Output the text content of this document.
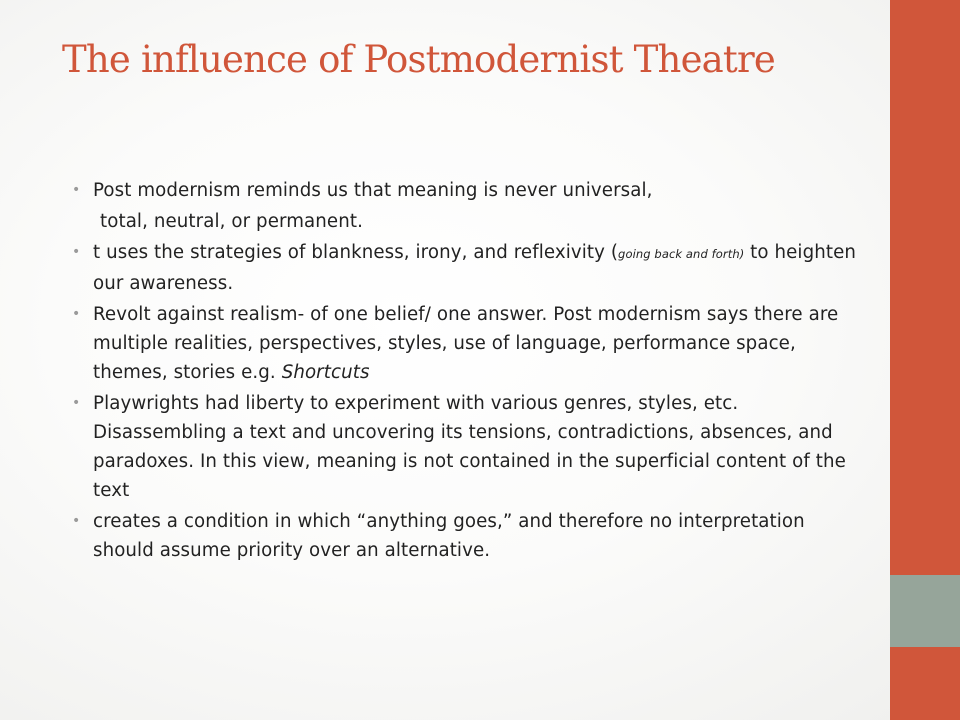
The influence of Postmodernist Theatre
• Post modernism reminds us that meaning is never universal,
total, neutral, or permanent.
• t uses the strategies of blankness, irony, and reflexivity (going back and forth) to heighten our awareness.
• Revolt against realism- of one belief/ one answer. Post modernism says there are multiple realities, perspectives, styles, use of language, performance space, themes, stories e.g. Shortcuts
• Playwrights had liberty to experiment with various genres, styles, etc. Disassembling a text and uncovering its tensions, contradictions, absences, and paradoxes. In this view, meaning is not contained in the superficial content of the text
• creates a condition in which “anything goes,” and therefore no interpretation should assume priority over an alternative.
